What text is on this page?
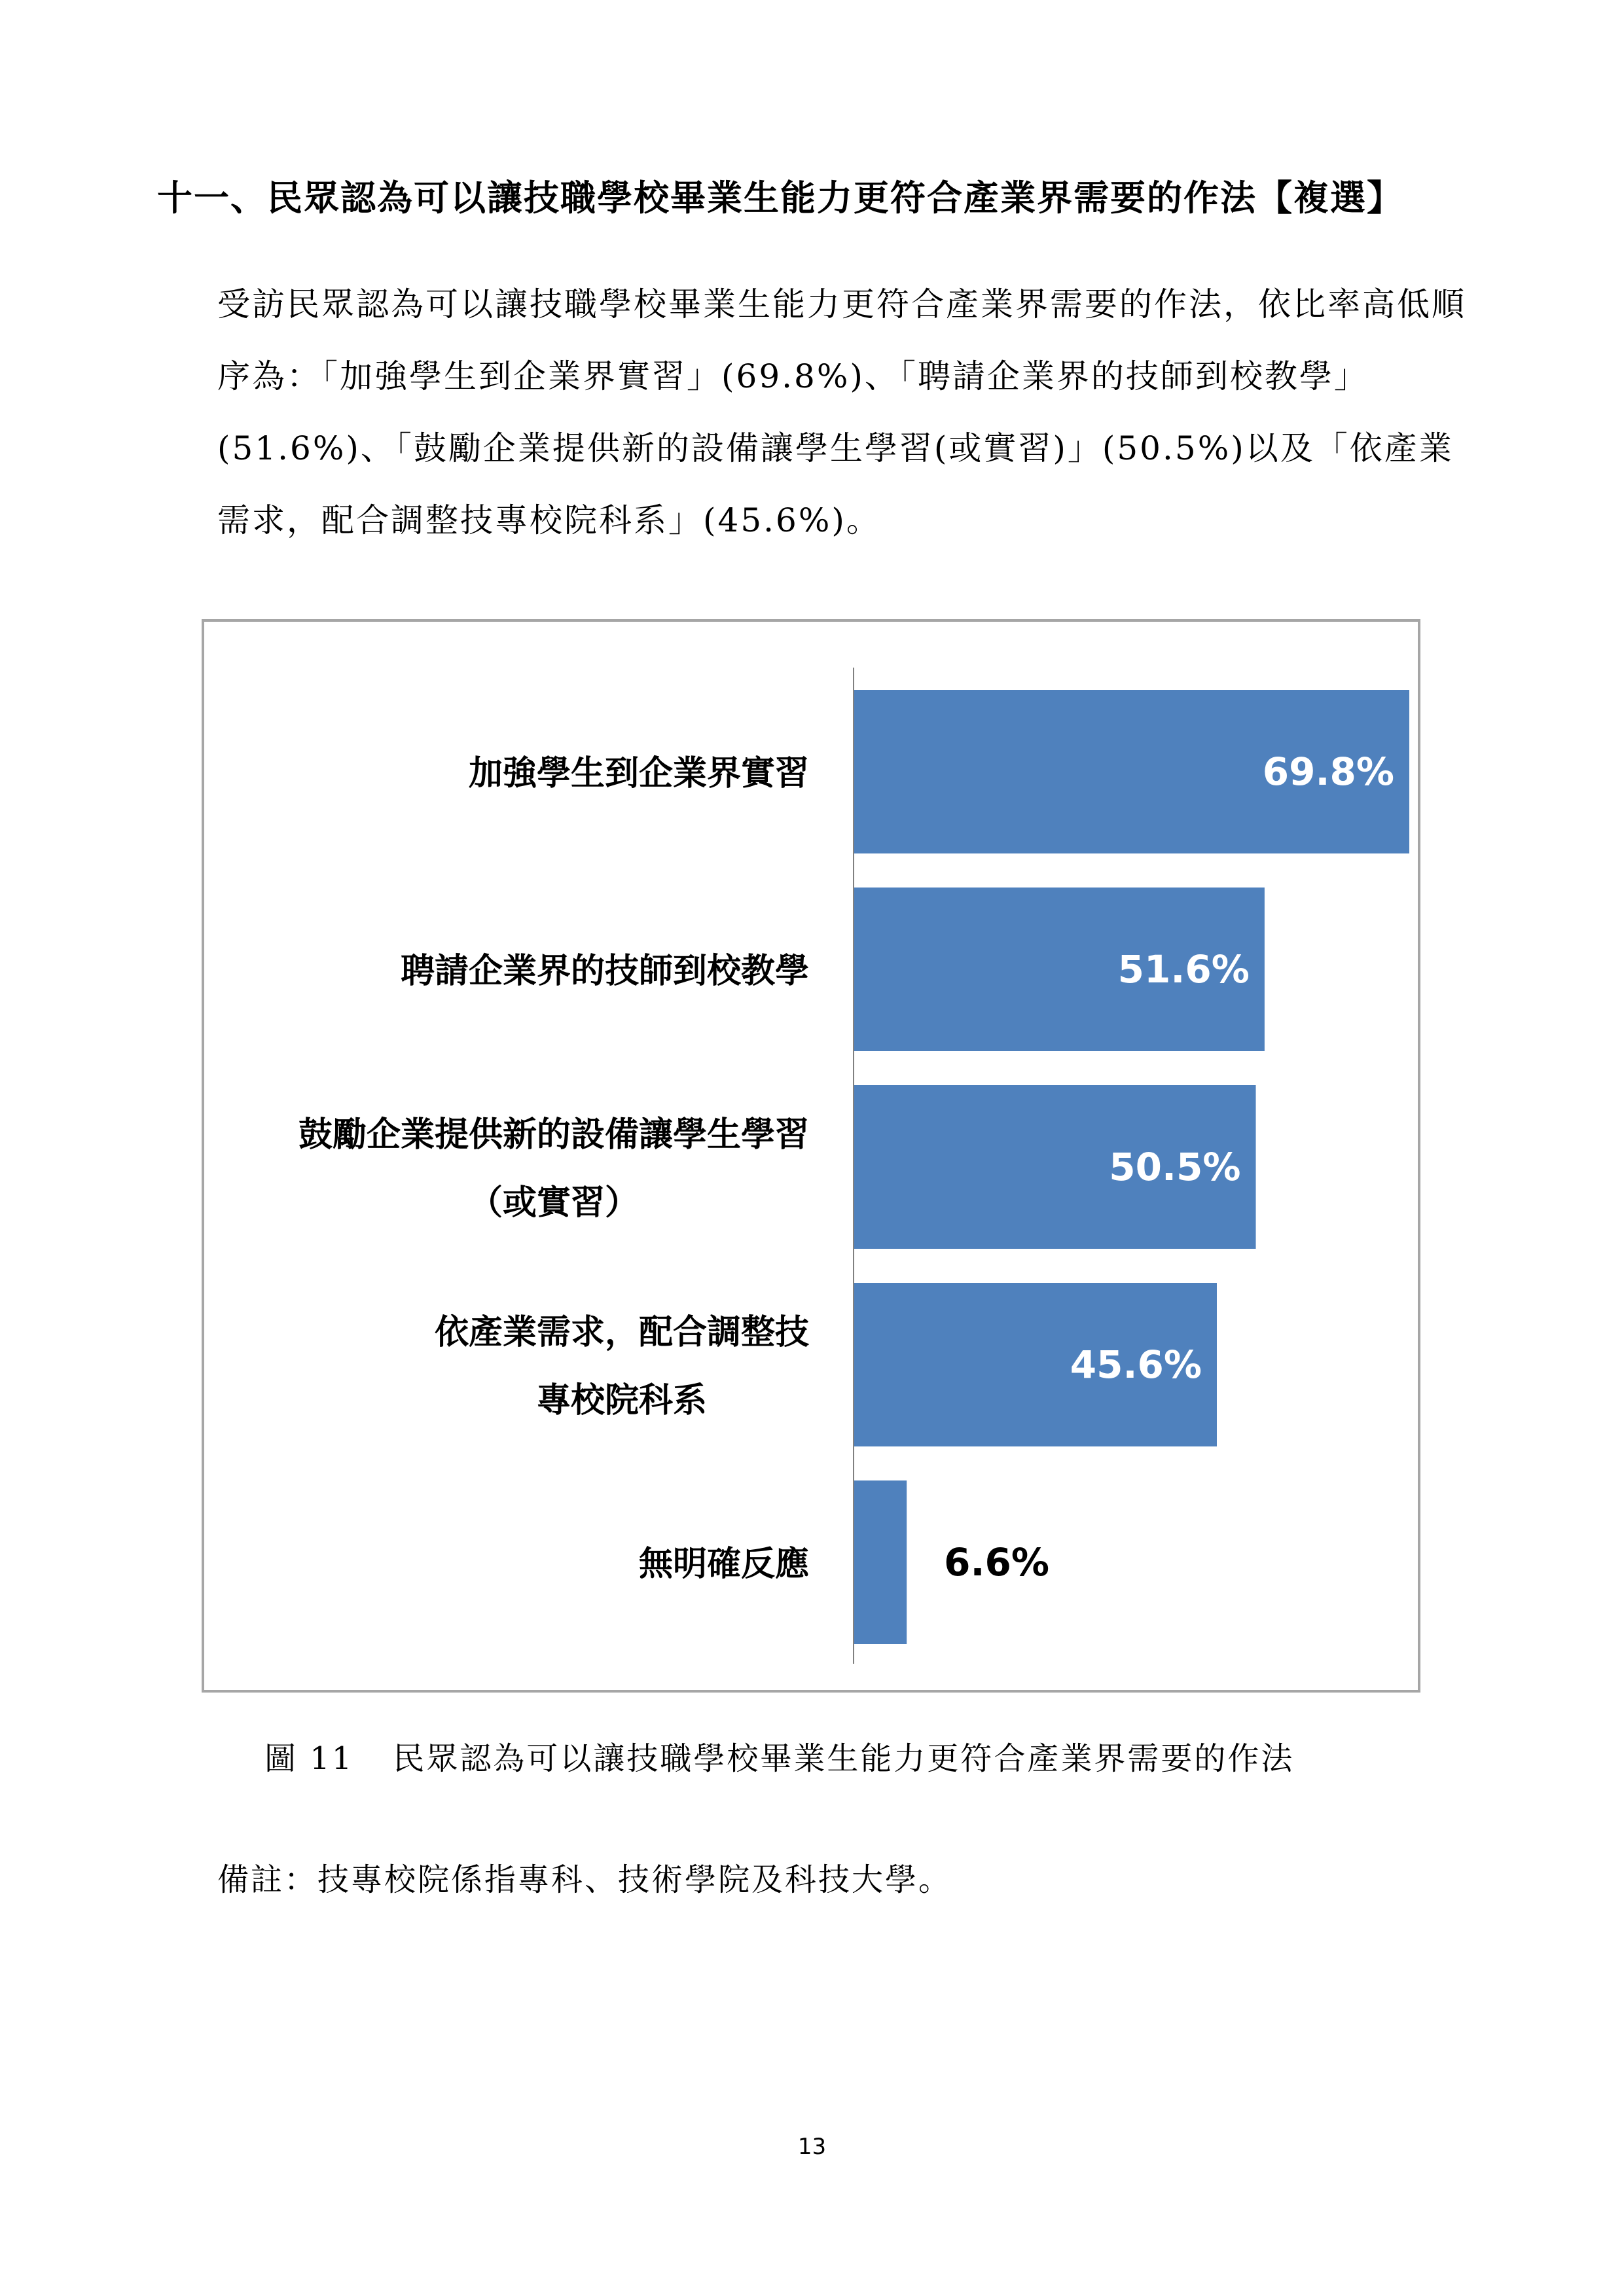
十一、民眾認為可以讓技職學校畢業生能力更符合產業界需要的作法【複選】
受訪民眾認為可以讓技職學校畢業生能力更符合產業界需要的作法，依比率高低順序為：「加強學生到企業界實習」(69.8%)、「聘請企業界的技師到校教學」(51.6%)、「鼓勵企業提供新的設備讓學生學習(或實習)」(50.5%)以及「依產業需求，配合調整技專校院科系」(45.6%)。
69.8%
加強學生到企業界實習
51.6%
聘請企業界的技師到校教學
50.5%
鼓勵企業提供新的設備讓學生學習
（或實習）
45.6%
依產業需求，配合調整技
專校院科系
6.6%
無明確反應
圖 11 民眾認為可以讓技職學校畢業生能力更符合產業界需要的作法
備註：技專校院係指專科、技術學院及科技大學。
13
